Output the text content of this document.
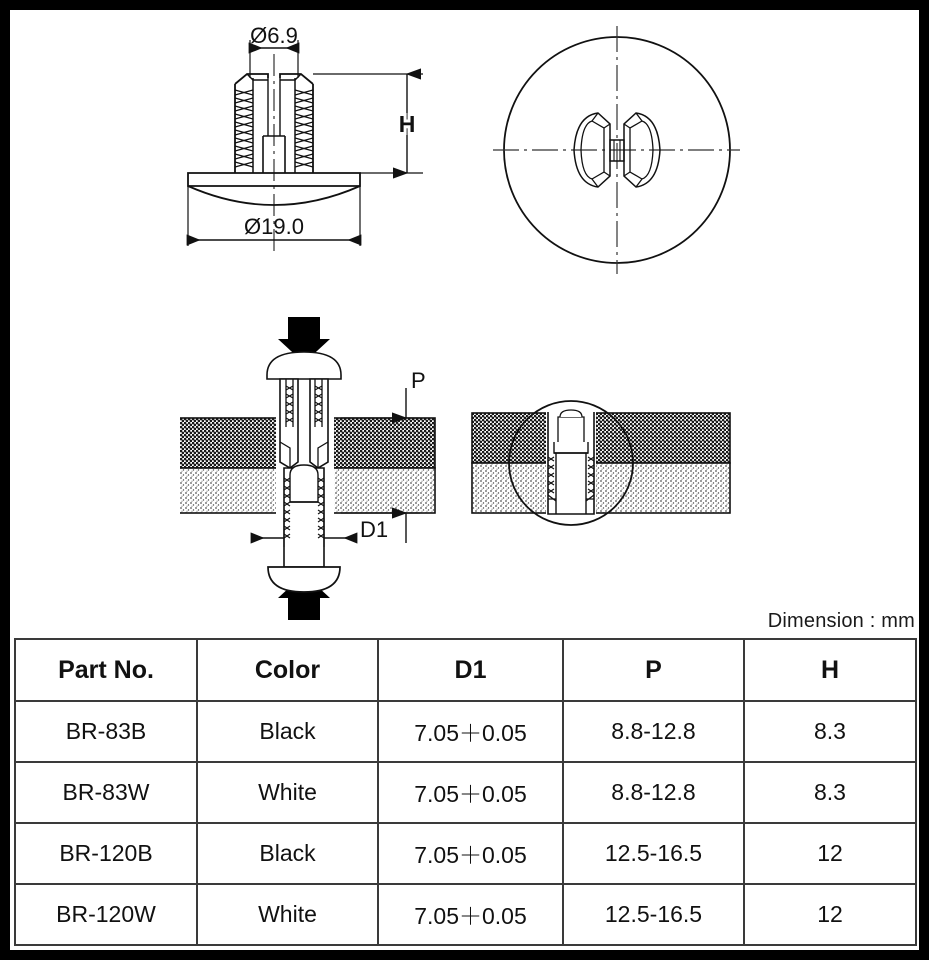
Ø6.9
Ø19.0
H
D1
P
Dimension : mm
Part No.	Color	D1	P	H
BR-83B	Black	7.05＋0.05	8.8-12.8	8.3
BR-83W	White	7.05＋0.05	8.8-12.8	8.3
BR-120B	Black	7.05＋0.05	12.5-16.5	12
BR-120W	White	7.05＋0.05	12.5-16.5	12
